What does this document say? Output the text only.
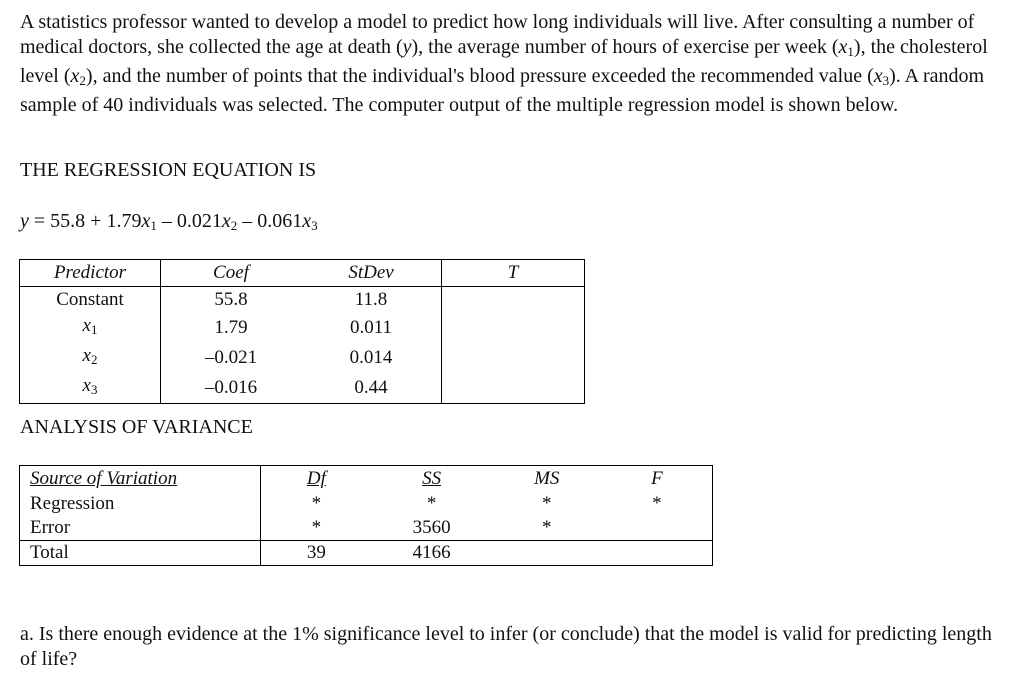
A statistics professor wanted to develop a model to predict how long individuals will live. After consulting a number of medical doctors, she collected the age at death (y), the average number of hours of exercise per week $(x_1)$, the cholesterol level $(x_2)$, and the number of points that the individual's blood pressure exceeded the recommended value $(x_3)$. A random sample of 40 individuals was selected. The computer output of the multiple regression model is shown below.

THE REGRESSION EQUATION IS

$y = 55.8 + 1.79x_1 - 0.021x_2 - 0.061x_3$

Predictor	Coef	StDev	T
Constant	55.8	11.8	
$x_1$	1.79	0.011	
$x_2$	–0.021	0.014	
$x_3$	–0.016	0.44	

ANALYSIS OF VARIANCE

Source of Variation	Df	SS	MS	F
Regression	*	*	*	*
Error	*	3560	*	
Total	39	4166		

a. Is there enough evidence at the 1% significance level to infer (or conclude) that the model is valid for predicting length of life?
